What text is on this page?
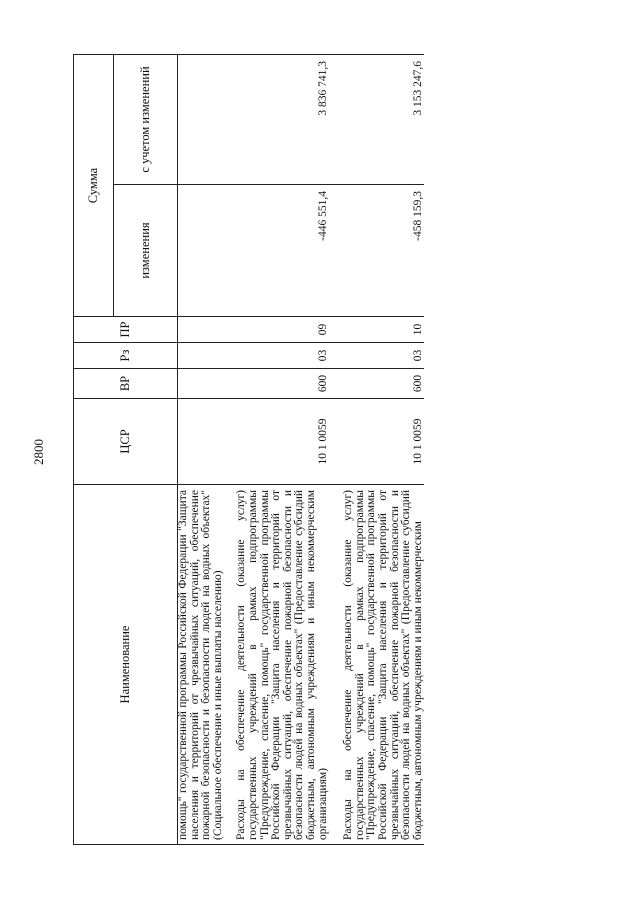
2800
Наименование	ЦСР	ВР	Рз	ПР	Сумма	
					изменения	с учетом изменений
помощь" государственной программы Российской Федерации "Защита населения и территорий от чрезвычайных ситуаций, обеспечение пожарной безопасности и безопасности людей на водных объектах" (Социальное обеспечение и иные выплаты населению)						
Расходы на обеспечение деятельности (оказание услуг) государственных учреждений в рамках подпрограммы "Предупреждение, спасение, помощь" государственной программы Российской Федерации "Защита населения и территорий от чрезвычайных ситуаций, обеспечение пожарной безопасности и безопасности людей на водных объектах" (Предоставление субсидий бюджетным, автономным учреждениям и иным некоммерческим организациям)	10 1 0059	600	03	09	-446 551,4	3 836 741,3
Расходы на обеспечение деятельности (оказание услуг) государственных учреждений в рамках подпрограммы "Предупреждение, спасение, помощь" государственной программы Российской Федерации "Защита населения и территорий от чрезвычайных ситуаций, обеспечение пожарной безопасности и безопасности людей на водных объектах" (Предоставление субсидий бюджетным, автономным учреждениям и иным некоммерческим	10 1 0059	600	03	10	-458 159,3	3 153 247,6
